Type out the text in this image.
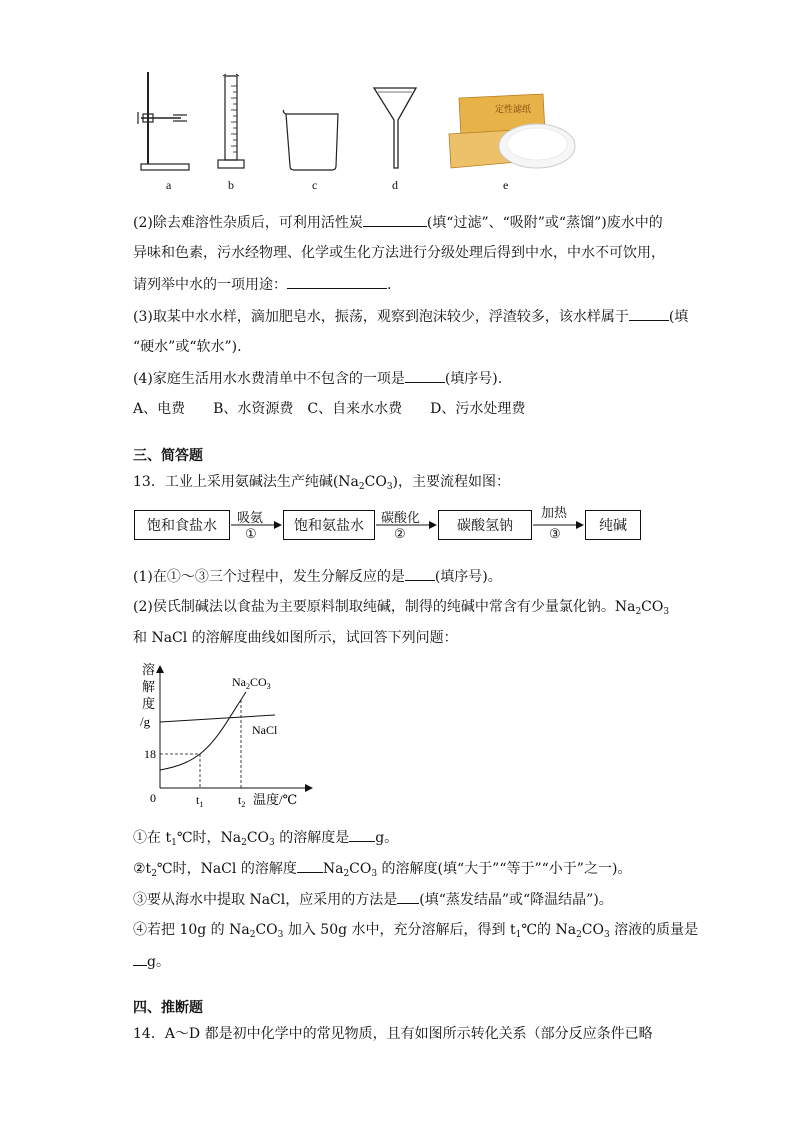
定性滤纸
a	b	c	d	e
(2)除去难溶性杂质后，可利用活性炭	(填“过滤”、“吸附”或“蒸馏”)废水中的
异味和色素，污水经物理、化学或生化方法进行分级处理后得到中水，中水不可饮用，
请列举中水的一项用途：	.
(3)取某中水水样，滴加肥皂水，振荡，观察到泡沫较少，浮渣较多，该水样属于	(填
“硬水”或“软水”).
(4)家庭生活用水水费清单中不包含的一项是	(填序号).
A、电费　　B、水资源费　C、自来水水费　　D、污水处理费
三、简答题
13．工业上采用氨碱法生产纯碱$(Na_2CO_3)$，主要流程如图：
饱和食盐水	饱和氨盐水	碳酸氢钠	纯碱
吸氨
①
碳酸化
②
加热
③
(1)在①～③三个过程中，发生分解反应的是 (填序号)。
(2)侯氏制碱法以食盐为主要原料制取纯碱，制得的纯碱中常含有少量氯化钠。$Na_2CO_3$
和 NaCl 的溶解度曲线如图所示，试回答下列问题：
溶
解
度
/g
18
0	$t_1$	$t_2$ 温度/℃
$Na_2CO_3$
NaCl
①在 $t_1℃$时，$Na_2CO_3$ 的溶解度是 g。
$②t_2℃$时，NaCl 的溶解度 $Na_2CO_3$ 的溶解度(填“大于”“等于”“小于”之一)。
③要从海水中提取 NaCl，应采用的方法是 (填“蒸发结晶”或“降温结晶”)。
④若把 10g 的 $Na_2CO_3$ 加入 50g 水中，充分溶解后，得到 $t_1℃$的 $Na_2CO_3$ 溶液的质量是
g。
四、推断题
14．A～D 都是初中化学中的常见物质，且有如图所示转化关系（部分反应条件已略
